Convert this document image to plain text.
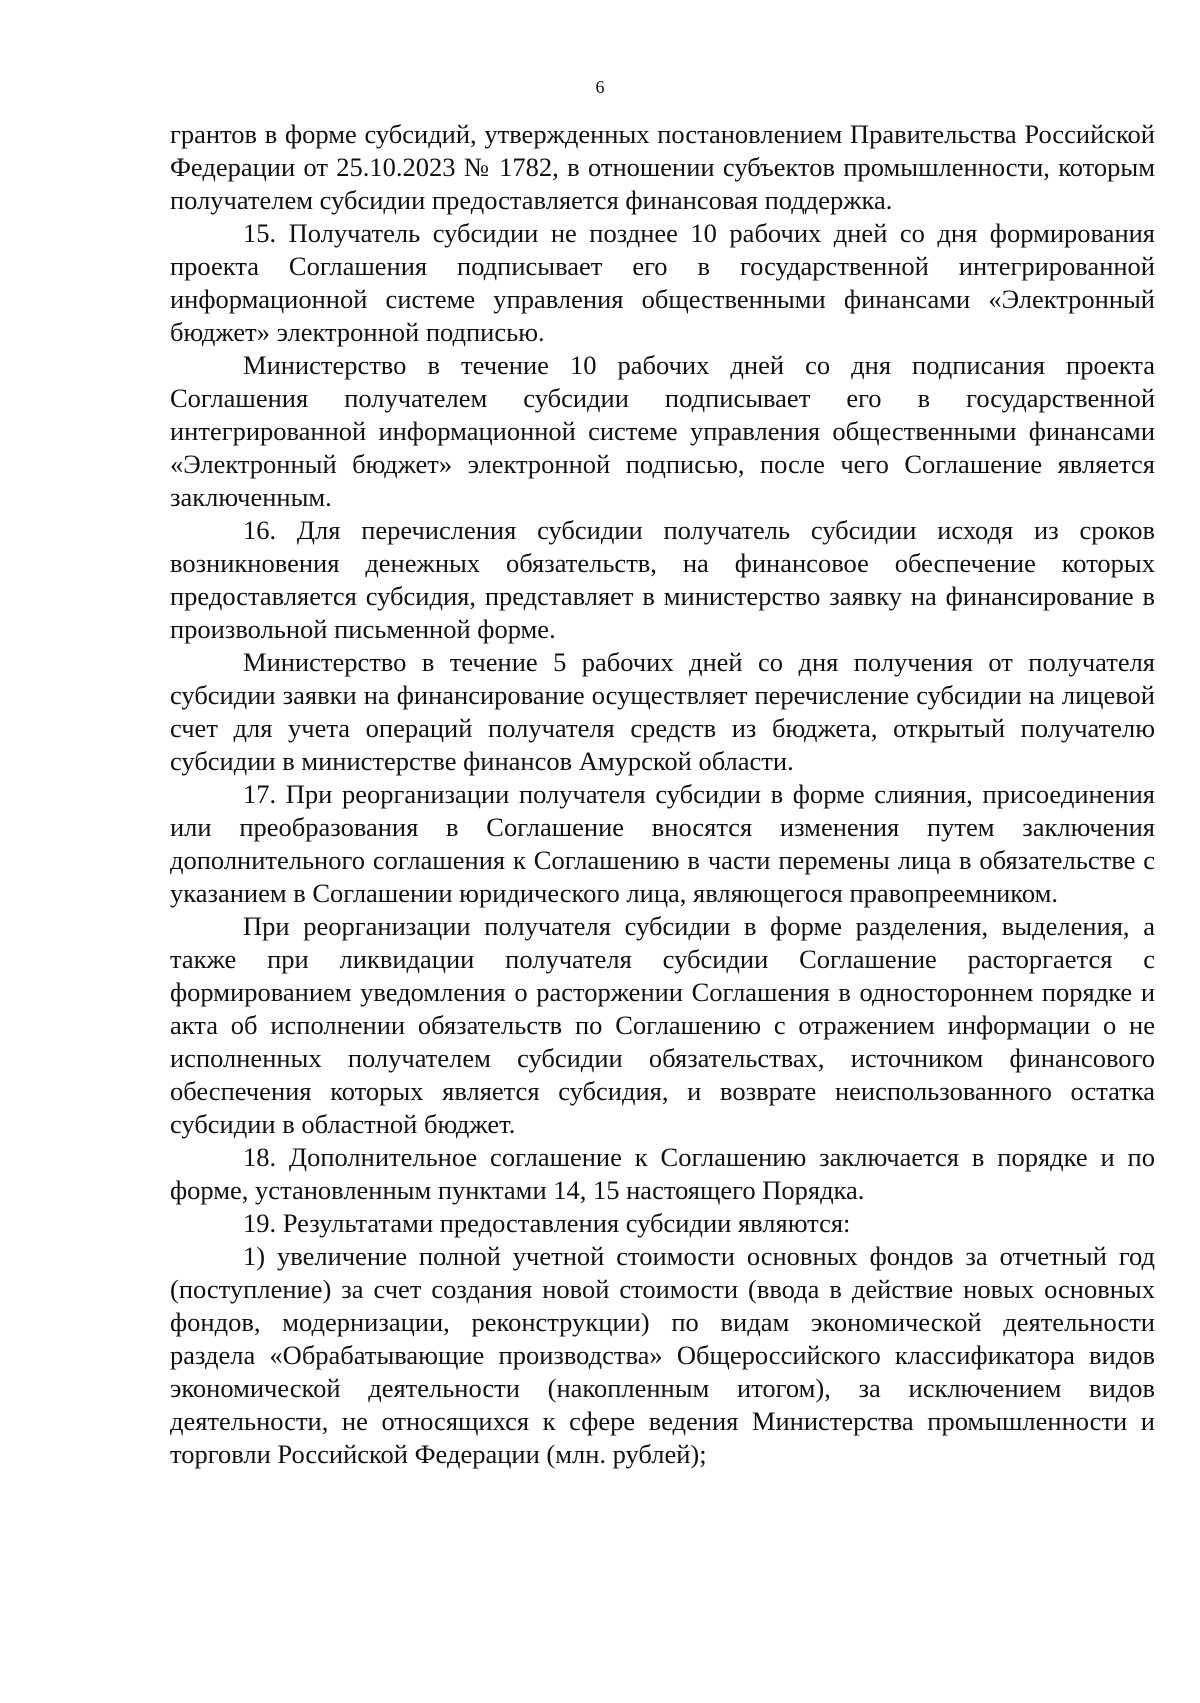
6

грантов в форме субсидий, утвержденных постановлением Правительства Российской Федерации от 25.10.2023 № 1782, в отношении субъектов промышленности, которым получателем субсидии предоставляется финансовая поддержка.

15. Получатель субсидии не позднее 10 рабочих дней со дня формирования проекта Соглашения подписывает его в государственной интегрированной информационной системе управления общественными финансами «Электронный бюджет» электронной подписью.

Министерство в течение 10 рабочих дней со дня подписания проекта Соглашения получателем субсидии подписывает его в государственной интегрированной информационной системе управления общественными финансами «Электронный бюджет» электронной подписью, после чего Соглашение является заключенным.

16. Для перечисления субсидии получатель субсидии исходя из сроков возникновения денежных обязательств, на финансовое обеспечение которых предоставляется субсидия, представляет в министерство заявку на финансирование в произвольной письменной форме.

Министерство в течение 5 рабочих дней со дня получения от получателя субсидии заявки на финансирование осуществляет перечисление субсидии на лицевой счет для учета операций получателя средств из бюджета, открытый получателю субсидии в министерстве финансов Амурской области.

17. При реорганизации получателя субсидии в форме слияния, присоединения или преобразования в Соглашение вносятся изменения путем заключения дополнительного соглашения к Соглашению в части перемены лица в обязательстве с указанием в Соглашении юридического лица, являющегося правопреемником.

При реорганизации получателя субсидии в форме разделения, выделения, а также при ликвидации получателя субсидии Соглашение расторгается с формированием уведомления о расторжении Соглашения в одностороннем порядке и акта об исполнении обязательств по Соглашению с отражением информации о не исполненных получателем субсидии обязательствах, источником финансового обеспечения которых является субсидия, и возврате неиспользованного остатка субсидии в областной бюджет.

18. Дополнительное соглашение к Соглашению заключается в порядке и по форме, установленным пунктами 14, 15 настоящего Порядка.

19. Результатами предоставления субсидии являются:

1) увеличение полной учетной стоимости основных фондов за отчетный год (поступление) за счет создания новой стоимости (ввода в действие новых основных фондов, модернизации, реконструкции) по видам экономической деятельности раздела «Обрабатывающие производства» Общероссийского классификатора видов экономической деятельности (накопленным итогом), за исключением видов деятельности, не относящихся к сфере ведения Министерства промышленности и торговли Российской Федерации (млн. рублей);
